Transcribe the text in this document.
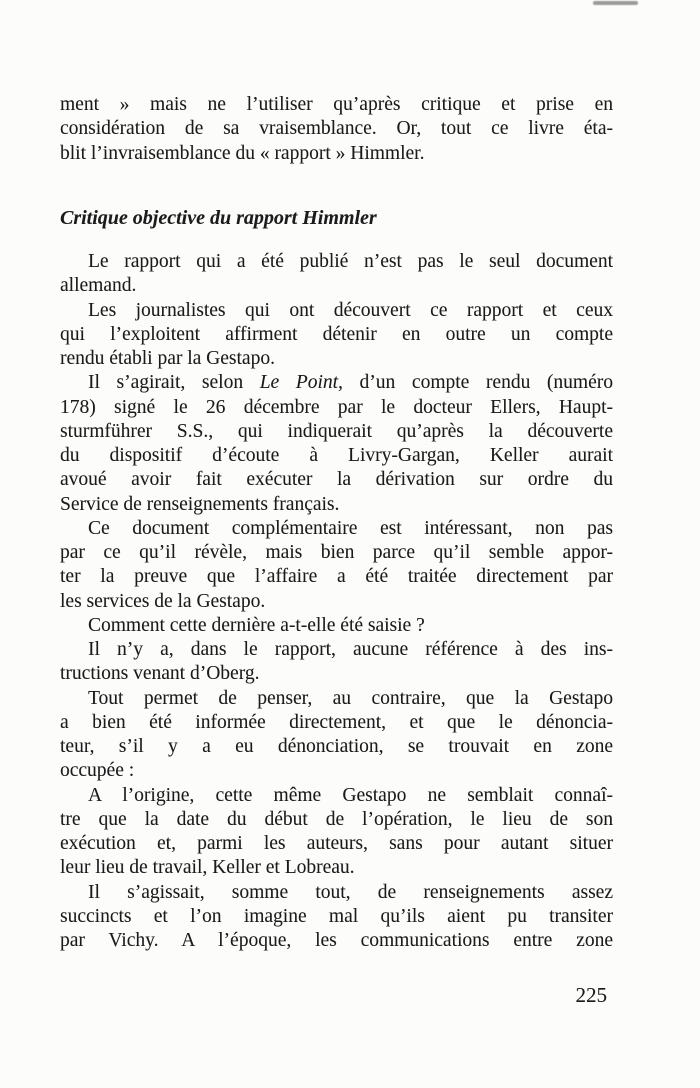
ment » mais ne l’utiliser qu’après critique et prise en
considération de sa vraisemblance. Or, tout ce livre éta-
blit l’invraisemblance du « rapport » Himmler.

Critique objective du rapport Himmler

Le rapport qui a été publié n’est pas le seul document
allemand.

Les journalistes qui ont découvert ce rapport et ceux
qui l’exploitent affirment détenir en outre un compte
rendu établi par la Gestapo.

Il s’agirait, selon Le Point, d’un compte rendu (numéro
178) signé le 26 décembre par le docteur Ellers, Haupt-
sturmführer S.S., qui indiquerait qu’après la découverte
du dispositif d’écoute à Livry-Gargan, Keller aurait
avoué avoir fait exécuter la dérivation sur ordre du
Service de renseignements français.

Ce document complémentaire est intéressant, non pas
par ce qu’il révèle, mais bien parce qu’il semble appor-
ter la preuve que l’affaire a été traitée directement par
les services de la Gestapo.

Comment cette dernière a-t-elle été saisie ?

Il n’y a, dans le rapport, aucune référence à des ins-
tructions venant d’Oberg.

Tout permet de penser, au contraire, que la Gestapo
a bien été informée directement, et que le dénoncia-
teur, s’il y a eu dénonciation, se trouvait en zone
occupée :

A l’origine, cette même Gestapo ne semblait connaî-
tre que la date du début de l’opération, le lieu de son
exécution et, parmi les auteurs, sans pour autant situer
leur lieu de travail, Keller et Lobreau.

Il s’agissait, somme tout, de renseignements assez
succincts et l’on imagine mal qu’ils aient pu transiter
par Vichy. A l’époque, les communications entre zone

225
